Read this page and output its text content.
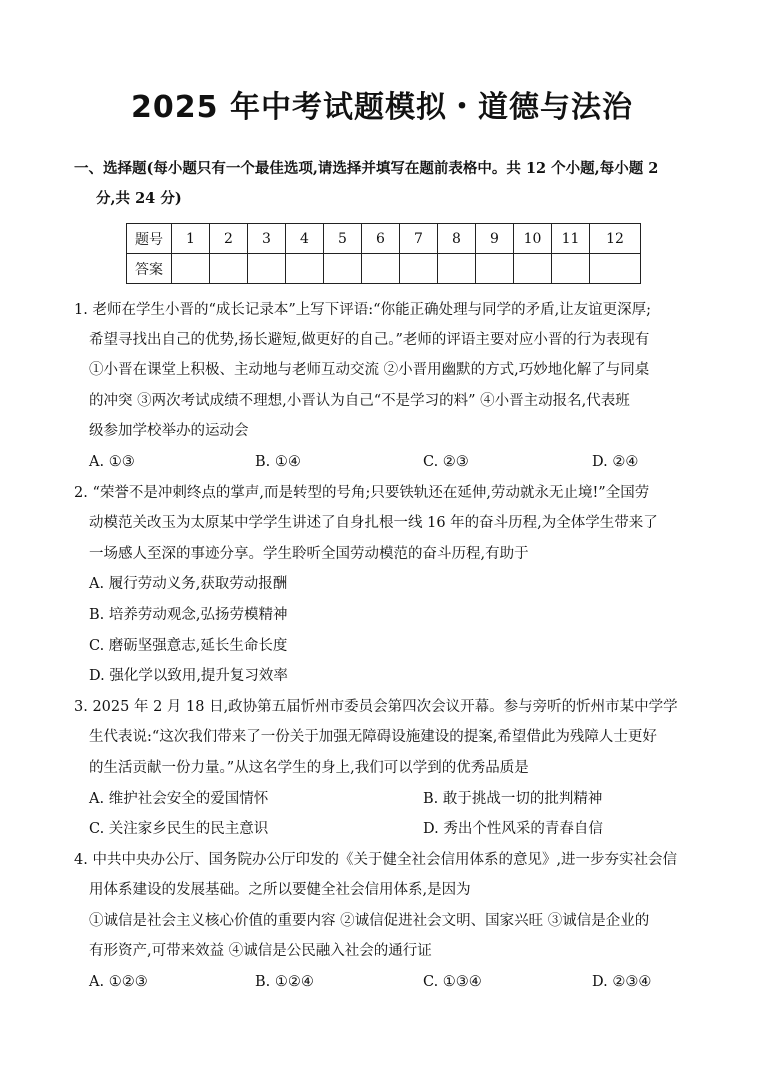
2025 年中考试题模拟・道德与法治
一、选择题(每小题只有一个最佳选项,请选择并填写在题前表格中。共 12 个小题,每小题 2
分,共 24 分)
题号	1	2	3	4	5	6	7	8	9	10	11	12
答案												
1. 老师在学生小晋的“成长记录本”上写下评语:“你能正确处理与同学的矛盾,让友谊更深厚;
希望寻找出自己的优势,扬长避短,做更好的自己。”老师的评语主要对应小晋的行为表现有
①小晋在课堂上积极、主动地与老师互动交流 ②小晋用幽默的方式,巧妙地化解了与同桌
的冲突 ③两次考试成绩不理想,小晋认为自己“不是学习的料” ④小晋主动报名,代表班
级参加学校举办的运动会
A. ①③	B. ①④	C. ②③	D. ②④
2. “荣誉不是冲刺终点的掌声,而是转型的号角;只要铁轨还在延伸,劳动就永无止境!”全国劳
动模范关改玉为太原某中学学生讲述了自身扎根一线 16 年的奋斗历程,为全体学生带来了
一场感人至深的事迹分享。学生聆听全国劳动模范的奋斗历程,有助于
A. 履行劳动义务,获取劳动报酬
B. 培养劳动观念,弘扬劳模精神
C. 磨砺坚强意志,延长生命长度
D. 强化学以致用,提升复习效率
3. 2025 年 2 月 18 日,政协第五届忻州市委员会第四次会议开幕。参与旁听的忻州市某中学学
生代表说:“这次我们带来了一份关于加强无障碍设施建设的提案,希望借此为残障人士更好
的生活贡献一份力量。”从这名学生的身上,我们可以学到的优秀品质是
A. 维护社会安全的爱国情怀	B. 敢于挑战一切的批判精神
C. 关注家乡民生的民主意识	D. 秀出个性风采的青春自信
4. 中共中央办公厅、国务院办公厅印发的《关于健全社会信用体系的意见》,进一步夯实社会信
用体系建设的发展基础。之所以要健全社会信用体系,是因为
①诚信是社会主义核心价值的重要内容 ②诚信促进社会文明、国家兴旺 ③诚信是企业的
有形资产,可带来效益 ④诚信是公民融入社会的通行证
A. ①②③	B. ①②④	C. ①③④	D. ②③④
